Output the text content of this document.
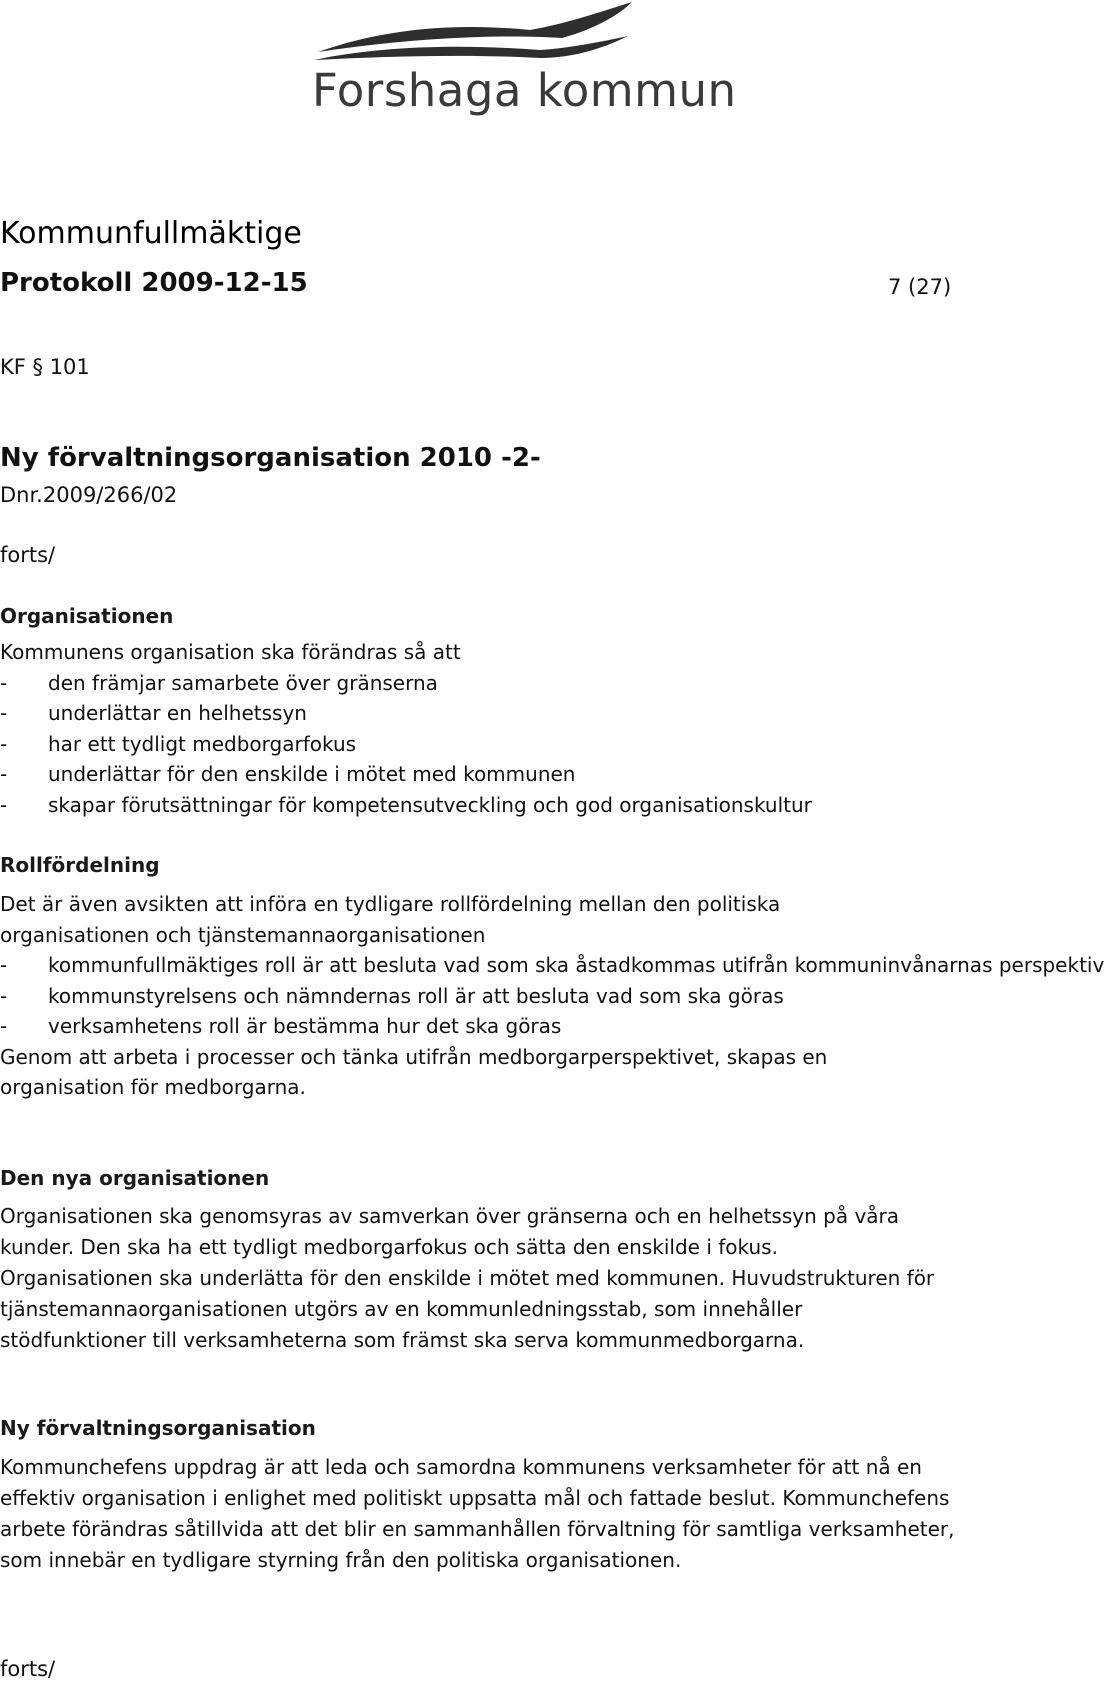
Forshaga kommun
Kommunfullmäktige
Protokoll 2009-12-15	7 (27)
KF § 101
Ny förvaltningsorganisation 2010 -2-
Dnr.2009/266/02
forts/
Organisationen
Kommunens organisation ska förändras så att
- den främjar samarbete över gränserna
- underlättar en helhetssyn
- har ett tydligt medborgarfokus
- underlättar för den enskilde i mötet med kommunen
- skapar förutsättningar för kompetensutveckling och god organisationskultur
Rollfördelning
Det är även avsikten att införa en tydligare rollfördelning mellan den politiska organisationen och tjänstemannaorganisationen
- kommunfullmäktiges roll är att besluta vad som ska åstadkommas utifrån kommuninvånarnas perspektiv
- kommunstyrelsens och nämndernas roll är att besluta vad som ska göras
- verksamhetens roll är bestämma hur det ska göras
Genom att arbeta i processer och tänka utifrån medborgarperspektivet, skapas en organisation för medborgarna.
Den nya organisationen
Organisationen ska genomsyras av samverkan över gränserna och en helhetssyn på våra kunder. Den ska ha ett tydligt medborgarfokus och sätta den enskilde i fokus. Organisationen ska underlätta för den enskilde i mötet med kommunen. Huvudstrukturen för tjänstemannaorganisationen utgörs av en kommunledningsstab, som innehåller stödfunktioner till verksamheterna som främst ska serva kommunmedborgarna.
Ny förvaltningsorganisation
Kommunchefens uppdrag är att leda och samordna kommunens verksamheter för att nå en effektiv organisation i enlighet med politiskt uppsatta mål och fattade beslut. Kommunchefens arbete förändras såtillvida att det blir en sammanhållen förvaltning för samtliga verksamheter, som innebär en tydligare styrning från den politiska organisationen.
forts/
